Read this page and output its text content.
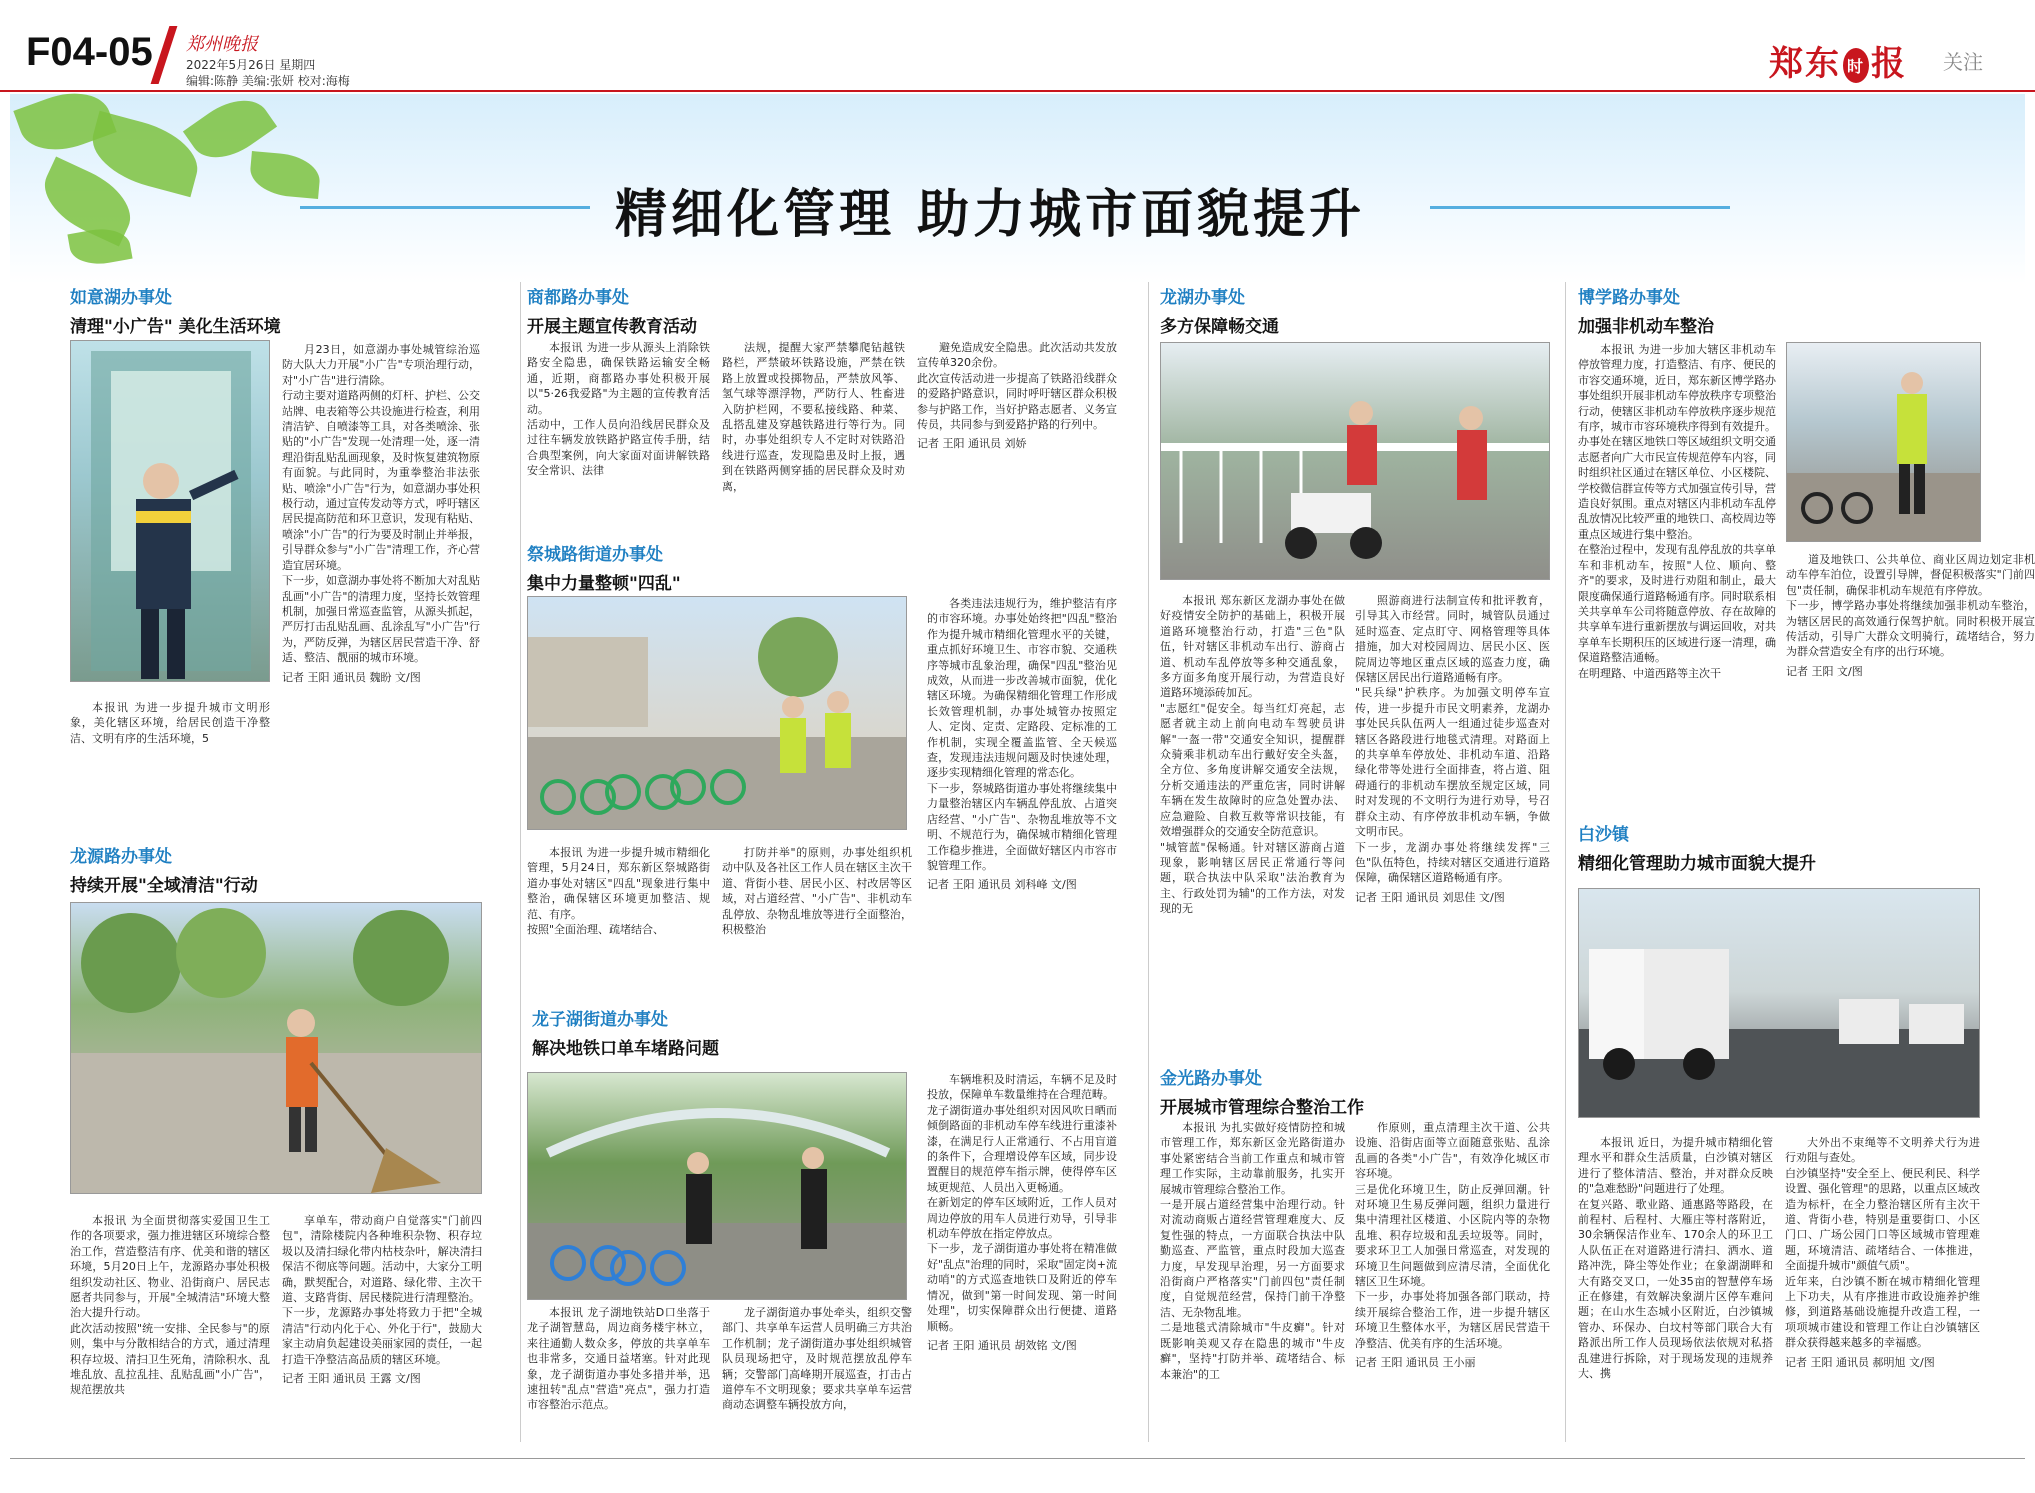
F04-05 郑州晚报
2022年5月26日 星期四
编辑:陈静 美编:张妍 校对:海梅	郑东 时 报 关注
精细化管理 助力城市面貌提升
如意湖办事处
清理"小广告" 美化生活环境

本报讯 为进一步提升城市文明形象，美化辖区环境，给居民创造干净整洁、文明有序的生活环境，5

月23日，如意湖办事处城管综治巡防大队大力开展"小广告"专项治理行动，对"小广告"进行清除。
行动主要对道路两侧的灯杆、护栏、公交站牌、电表箱等公共设施进行检查，利用清洁铲、自喷漆等工具，对各类喷涂、张贴的"小广告"发现一处清理一处，逐一清理沿街乱贴乱画现象，及时恢复建筑物原有面貌。与此同时，为重拳整治非法张贴、喷涂"小广告"行为，如意湖办事处积极行动，通过宣传发动等方式，呼吁辖区居民提高防范和环卫意识，发现有粘贴、喷涂"小广告"的行为要及时制止并举报，引导群众参与"小广告"清理工作，齐心营造宜居环境。
下一步，如意湖办事处将不断加大对乱贴乱画"小广告"的清理力度，坚持长效管理机制，加强日常巡查监管，从源头抓起，严厉打击乱贴乱画、乱涂乱写"小广告"行为，严防反弹，为辖区居民营造干净、舒适、整洁、靓丽的城市环境。

记者 王阳 通讯员 魏盼 文/图
龙源路办事处
持续开展"全域清洁"行动

本报讯 为全面贯彻落实爱国卫生工作的各项要求，强力推进辖区环境综合整治工作，营造整洁有序、优美和谐的辖区环境，5月20日上午，龙源路办事处积极组织发动社区、物业、沿街商户、居民志愿者共同参与，开展"全城清洁"环境大整治大提升行动。
此次活动按照"统一安排、全民参与"的原则，集中与分散相结合的方式，通过清理积存垃圾、清扫卫生死角，清除积水、乱堆乱放、乱拉乱挂、乱贴乱画"小广告"，规范摆放共

享单车，带动商户自觉落实"门前四包"，清除楼院内各种堆积杂物、积存垃圾以及清扫绿化带内枯枝杂叶，解决清扫保洁不彻底等问题。活动中，大家分工明确，默契配合，对道路、绿化带、主次干道、支路背街、居民楼院进行清理整治。
下一步，龙源路办事处将致力于把"全城清洁"行动内化于心、外化于行"，鼓励大家主动肩负起建设美丽家园的责任，一起打造干净整洁高品质的辖区环境。

记者 王阳 通讯员 王露 文/图
商都路办事处
开展主题宣传教育活动

本报讯 为进一步从源头上消除铁路安全隐患，确保铁路运输安全畅通，近期，商都路办事处积极开展以"5·26我爱路"为主题的宣传教育活动。
活动中，工作人员向沿线居民群众及过往车辆发放铁路护路宣传手册，结合典型案例，向大家面对面讲解铁路安全常识、法律

法规，提醒大家严禁攀爬钻越铁路栏，严禁破坏铁路设施，严禁在铁路上放置或投掷物品，严禁放风筝、氢气球等漂浮物，严防行人、牲畜进入防护栏网，不要私接线路、种菜、乱搭乱建及穿越铁路进行等行为。同时，办事处组织专人不定时对铁路沿线进行巡查，发现隐患及时上报，遇到在铁路两侧穿插的居民群众及时劝离，

避免造成安全隐患。此次活动共发放宣传单320余份。
此次宣传活动进一步提高了铁路沿线群众的爱路护路意识，同时呼吁辖区群众积极参与护路工作，当好护路志愿者、义务宣传员，共同参与到爱路护路的行列中。

记者 王阳 通讯员 刘娇
祭城路街道办事处
集中力量整顿"四乱"

各类违法违规行为，维护整洁有序的市容环境。办事处始终把"四乱"整治作为提升城市精细化管理水平的关键，重点抓好环境卫生、市容市貌、交通秩序等城市乱象治理，确保"四乱"整治见成效，从而进一步改善城市面貌，优化辖区环境。为确保精细化管理工作形成长效管理机制，办事处城管办按照定人、定岗、定责、定路段、定标准的工作机制，实现全覆盖监管、全天候巡查，发现违法违规问题及时快速处理，逐步实现精细化管理的常态化。
下一步，祭城路街道办事处将继续集中力量整治辖区内车辆乱停乱放、占道突店经营、"小广告"、杂物乱堆放等不文明、不规范行为，确保城市精细化管理工作稳步推进，全面做好辖区内市容市貌管理工作。

记者 王阳 通讯员 刘科峰 文/图

本报讯 为进一步提升城市精细化管理，5月24日，郑东新区祭城路街道办事处对辖区"四乱"现象进行集中整治，确保辖区环境更加整洁、规范、有序。
按照"全面治理、疏堵结合、

打防并举"的原则，办事处组织机动中队及各社区工作人员在辖区主次干道、背街小巷、居民小区、村改居等区域，对占道经营、"小广告"、非机动车乱停放、杂物乱堆放等进行全面整治，积极整治

龙子湖街道办事处
解决地铁口单车堵路问题

车辆堆积及时清运，车辆不足及时投放，保障单车数量维持在合理范畴。
龙子湖街道办事处组织对因风吹日晒而倾倒路面的非机动车停车线进行重漆补漆，在满足行人正常通行、不占用盲道的条件下，合理增设停车区域，同步设置醒目的规范停车指示牌，使得停车区域更规范、人员出入更畅通。
在新划定的停车区域附近，工作人员对周边停放的用车人员进行劝导，引导非机动车停放在指定停放点。
下一步，龙子湖街道办事处将在精准做好"乱点"治理的同时，采取"固定岗+流动哨"的方式巡查地铁口及附近的停车情况，做到"第一时间发现、第一时间处理"，切实保障群众出行便捷、道路顺畅。

记者 王阳 通讯员 胡效铭 文/图

本报讯 龙子湖地铁站D口坐落于龙子湖智慧岛，周边商务楼宇林立，来往通勤人数众多，停放的共享单车也非常多，交通日益堵塞。针对此现象，龙子湖街道办事处多措并举，迅速扭转"乱点"营造"亮点"，强力打造市容整治示范点。

龙子湖街道办事处牵头，组织交警部门、共享单车运营人员明确三方共治工作机制；龙子湖街道办事处组织城管队员现场把守，及时规范摆放乱停车辆；交警部门高峰期开展巡查，打击占道停车不文明现象；要求共享单车运营商动态调整车辆投放方向，

龙湖办事处
多方保障畅交通

本报讯 郑东新区龙湖办事处在做好疫情安全防护的基础上，积极开展道路环境整治行动，打造"三色"队伍，针对辖区非机动车出行、游商占道、机动车乱停放等多种交通乱象，多方面多角度开展行动，为营造良好道路环境添砖加瓦。
"志愿红"促安全。每当红灯亮起，志愿者就主动上前向电动车驾驶员讲解"一盔一带"交通安全知识，提醒群众骑乘非机动车出行戴好安全头盔，全方位、多角度讲解交通安全法规，分析交通违法的严重危害，同时讲解车辆在发生故障时的应急处置办法、应急避险、自救互救等常识技能，有效增强群众的交通安全防范意识。
"城管蓝"保畅通。针对辖区游商占道现象，影响辖区居民正常通行等问题，联合执法中队采取"法治教育为主、行政处罚为辅"的工作方法，对发现的无

照游商进行法制宣传和批评教育，引导其入市经营。同时，城管队员通过延时巡查、定点盯守、网格管理等具体措施，加大对校园周边、居民小区、医院周边等地区重点区域的巡查力度，确保辖区居民出行道路通畅有序。
"民兵绿"护秩序。为加强文明停车宣传，进一步提升市民文明素养，龙湖办事处民兵队伍两人一组通过徒步巡查对辖区各路段进行地毯式清理。对路面上的共享单车停放处、非机动车道、沿路绿化带等处进行全面排查，将占道、阻碍通行的非机动车摆放至规定区域，同时对发现的不文明行为进行劝导，号召群众主动、有序停放非机动车辆，争做文明市民。
下一步，龙湖办事处将继续发挥"三色"队伍特色，持续对辖区交通进行道路保障，确保辖区道路畅通有序。

记者 王阳 通讯员 刘思佳 文/图
金光路办事处
开展城市管理综合整治工作

本报讯 为扎实做好疫情防控和城市管理工作，郑东新区金光路街道办事处紧密结合当前工作重点和城市管理工作实际，主动靠前服务，扎实开展城市管理综合整治工作。
一是开展占道经营集中治理行动。针对流动商贩占道经营管理难度大、反复性强的特点，一方面联合执法中队勤巡查、严监管，重点时段加大巡查力度，早发现早治理，另一方面要求沿街商户严格落实"门前四包"责任制度，自觉规范经营，保持门前干净整洁、无杂物乱堆。
二是地毯式清除城市"牛皮癣"。针对既影响美观又存在隐患的城市"牛皮癣"，坚持"打防并举、疏堵结合、标本兼治"的工

作原则，重点清理主次干道、公共设施、沿街店面等立面随意张贴、乱涂乱画的各类"小广告"，有效净化城区市容环境。
三是优化环境卫生，防止反弹回潮。针对环境卫生易反弹问题，组织力量进行集中清理社区楼道、小区院内等的杂物乱堆、积存垃圾和乱丢垃圾等。同时，要求环卫工人加强日常巡查，对发现的环境卫生问题做到应清尽清，全面优化辖区卫生环境。
下一步，办事处将加强各部门联动，持续开展综合整治工作，进一步提升辖区环境卫生整体水平，为辖区居民营造干净整洁、优美有序的生活环境。

记者 王阳 通讯员 王小丽
博学路办事处
加强非机动车整治

本报讯 为进一步加大辖区非机动车停放管理力度，打造整洁、有序、便民的市容交通环境，近日，郑东新区博学路办事处组织开展非机动车停放秩序专项整治行动，使辖区非机动车停放秩序逐步规范有序，城市市容环境秩序得到有效提升。
办事处在辖区地铁口等区域组织文明交通志愿者向广大市民宣传规范停车内容，同时组织社区通过在辖区单位、小区楼院、学校微信群宣传等方式加强宣传引导，营造良好氛围。重点对辖区内非机动车乱停乱放情况比较严重的地铁口、高校周边等重点区域进行集中整治。
在整治过程中，发现有乱停乱放的共享单车和非机动车，按照"人位、顺向、整齐"的要求，及时进行劝阻和制止，最大限度确保通行道路畅通有序。同时联系相关共享单车公司将随意停放、存在故障的共享单车进行重新摆放与调运回收，对共享单车长期积压的区域进行逐一清理，确保道路整洁通畅。
在明理路、中道西路等主次干

道及地铁口、公共单位、商业区周边划定非机动车停车泊位，设置引导牌，督促积极落实"门前四包"责任制，确保非机动车规范有序停放。
下一步，博学路办事处将继续加强非机动车整治，为辖区居民的高效通行保驾护航。同时积极开展宣传活动，引导广大群众文明骑行，疏堵结合，努力为群众营造安全有序的出行环境。

记者 王阳 文/图
白沙镇
精细化管理助力城市面貌大提升

本报讯 近日，为提升城市精细化管理水平和群众生活质量，白沙镇对辖区进行了整体清洁、整治，并对群众反映的"急难愁盼"问题进行了处理。
在复兴路、歌业路、通惠路等路段，在前程村、后程村、大雁庄等村落附近，30余辆保洁作业车、170余人的环卫工人队伍正在对道路进行清扫、洒水、道路冲洗，降尘等处作业；在象湖湖畔和大有路交叉口，一处35亩的智慧停车场正在修建，有效解决象湖片区停车难问题；在山水生态城小区附近，白沙镇城管办、环保办、白坟村等部门联合大有路派出所工作人员现场依法依规对私搭乱建进行拆除，对于现场发现的违规养大、携

大外出不束绳等不文明养犬行为进行劝阻与查处。
白沙镇坚持"安全至上、便民利民、科学设置、强化管理"的思路，以重点区域改造为标杆，在全力整治辖区所有主次干道、背街小巷，特别是重要街口、小区门口、广场公园门口等区域城市管理难题，环境清洁、疏堵结合、一体推进，全面提升城市"颜值气质"。
近年来，白沙镇不断在城市精细化管理上下功夫，从有序推进市政设施养护维修，到道路基础设施提升改造工程，一项项城市建设和管理工作让白沙镇辖区群众获得越来越多的幸福感。

记者 王阳 通讯员 郝明旭 文/图
